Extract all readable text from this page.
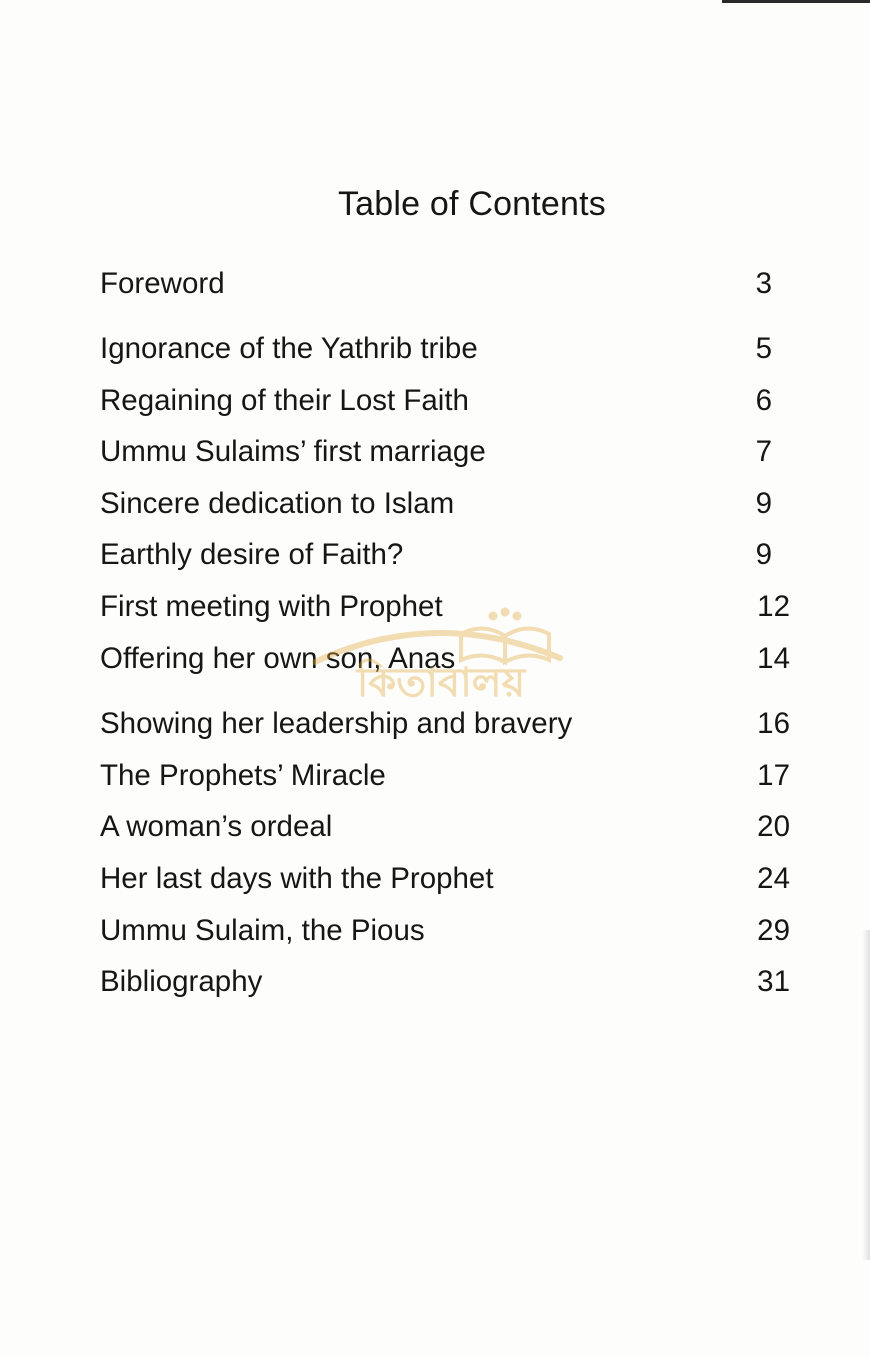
Table of Contents
Foreword	3
Ignorance of the Yathrib tribe	5
Regaining of their Lost Faith	6
Ummu Sulaims’ first marriage	7
Sincere dedication to Islam	9
Earthly desire of Faith?	9
First meeting with Prophet	12
Offering her own son, Anas	14
Showing her leadership and bravery	16
The Prophets’ Miracle	17
A woman’s ordeal	20
Her last days with the Prophet	24
Ummu Sulaim, the Pious	29
Bibliography	31
কিতাবালয়
